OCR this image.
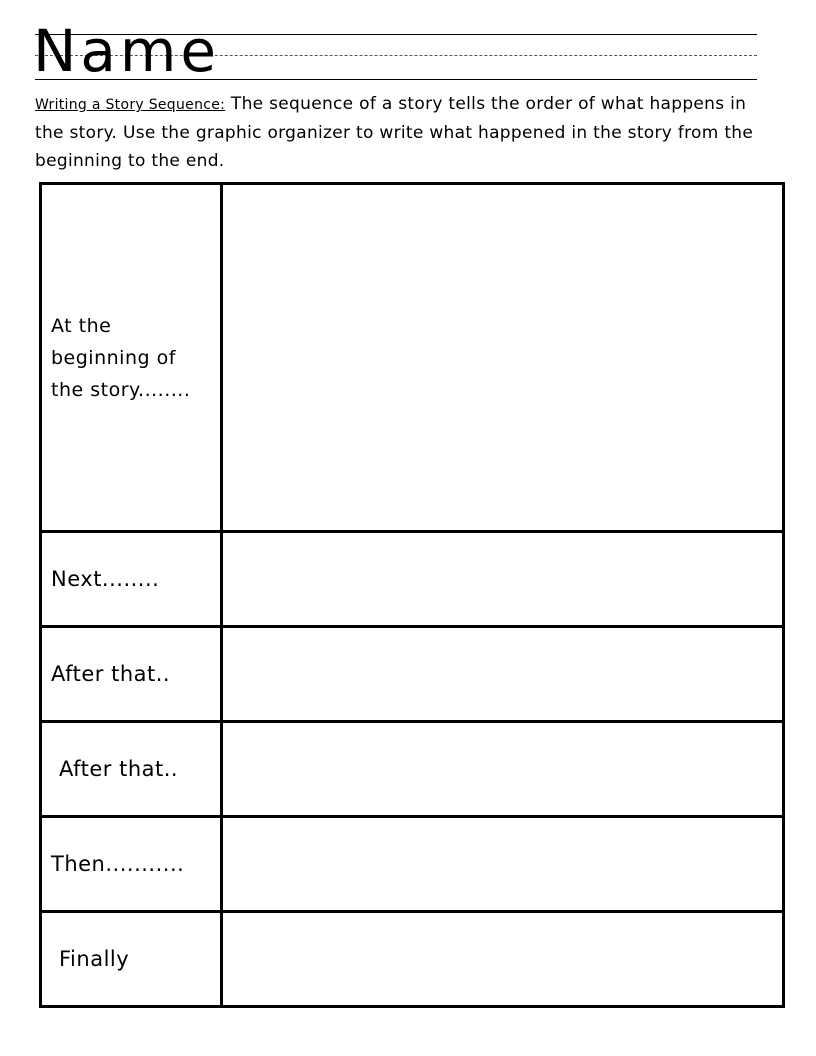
Name
Writing a Story Sequence: The sequence of a story tells the order of what happens in the story. Use the graphic organizer to write what happened in the story from the beginning to the end.
At the beginning of the story........	
Next........	
After that..	
After that..	
Then...........	
Finally	
